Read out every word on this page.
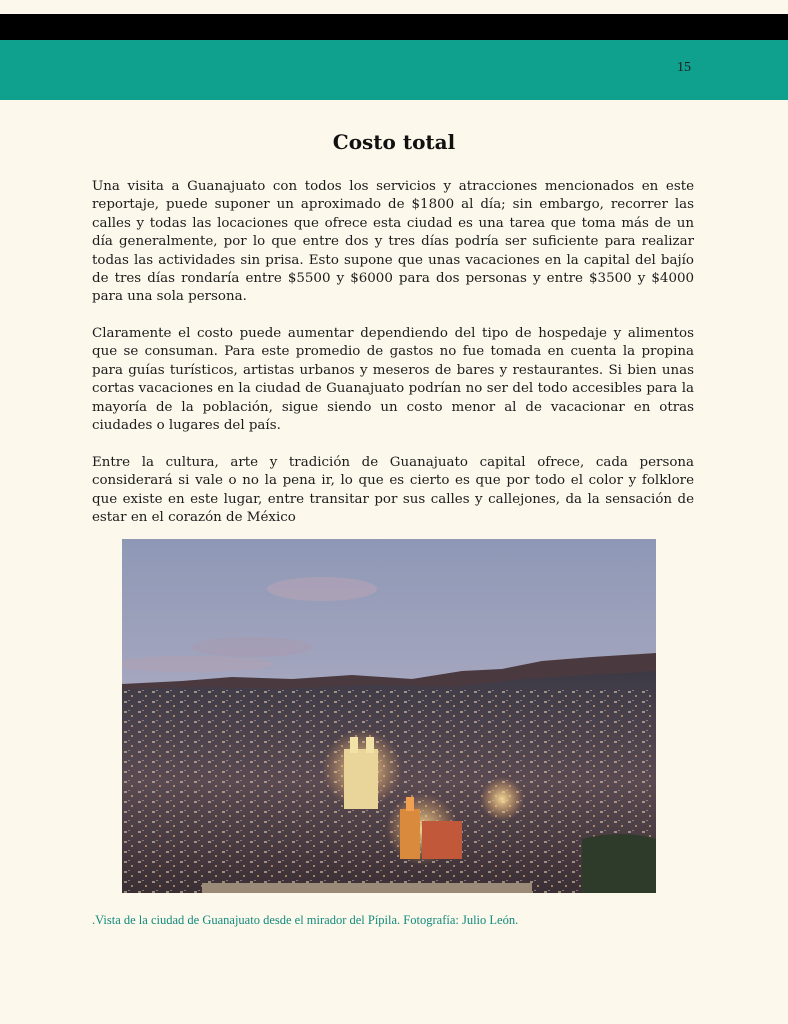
15
Costo total

Una visita a Guanajuato con todos los servicios y atracciones mencionados en este reportaje, puede suponer un aproximado de $1800 al día; sin embargo, recorrer las calles y todas las locaciones que ofrece esta ciudad es una tarea que toma más de un día generalmente, por lo que entre dos y tres días podría ser suficiente para realizar todas las actividades sin prisa. Esto supone que unas vacaciones en la capital del bajío de tres días rondaría entre $5500 y $6000 para dos personas y entre $3500 y $4000 para una sola persona.

Claramente el costo puede aumentar dependiendo del tipo de hospedaje y alimentos que se consuman. Para este promedio de gastos no fue tomada en cuenta la propina para guías turísticos, artistas urbanos y meseros de bares y restaurantes. Si bien unas cortas vacaciones en la ciudad de Guanajuato podrían no ser del todo accesibles para la mayoría de la población, sigue siendo un costo menor al de vacacionar en otras ciudades o lugares del país.

Entre la cultura, arte y tradición de Guanajuato capital ofrece, cada persona considerará si vale o no la pena ir, lo que es cierto es que por todo el color y folklore que existe en este lugar, entre transitar por sus calles y callejones, da la sensación de estar en el corazón de México

.Vista de la ciudad de Guanajuato desde el mirador del Pípila. Fotografía: Julio León.
